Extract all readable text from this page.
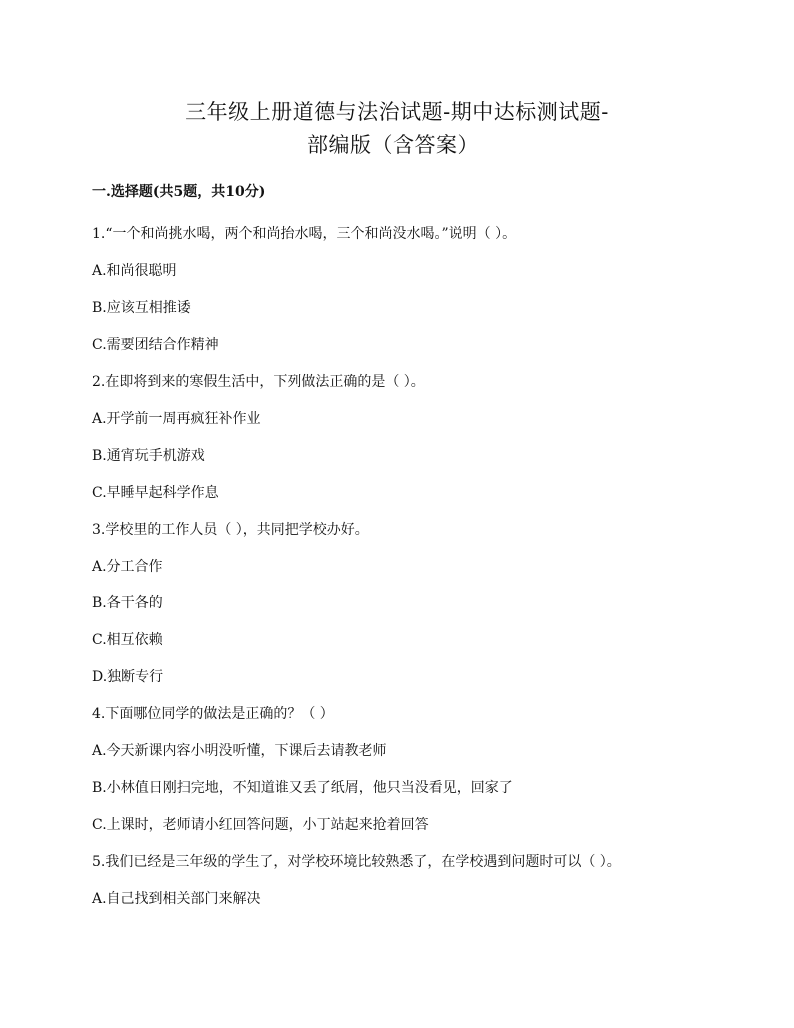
三年级上册道德与法治试题-期中达标测试题-
部编版（含答案）
一.选择题(共5题，共10分)
1.“一个和尚挑水喝，两个和尚抬水喝，三个和尚没水喝。”说明（ ）。
A.和尚很聪明
B.应该互相推诿
C.需要团结合作精神
2.在即将到来的寒假生活中，下列做法正确的是（ ）。
A.开学前一周再疯狂补作业
B.通宵玩手机游戏
C.早睡早起科学作息
3.学校里的工作人员（ ），共同把学校办好。
A.分工合作
B.各干各的
C.相互依赖
D.独断专行
4.下面哪位同学的做法是正确的？（ ）
A.今天新课内容小明没听懂，下课后去请教老师
B.小林值日刚扫完地，不知道谁又丢了纸屑，他只当没看见，回家了
C.上课时，老师请小红回答问题，小丁站起来抢着回答
5.我们已经是三年级的学生了，对学校环境比较熟悉了，在学校遇到问题时可以（ ）。
A.自己找到相关部门来解决
